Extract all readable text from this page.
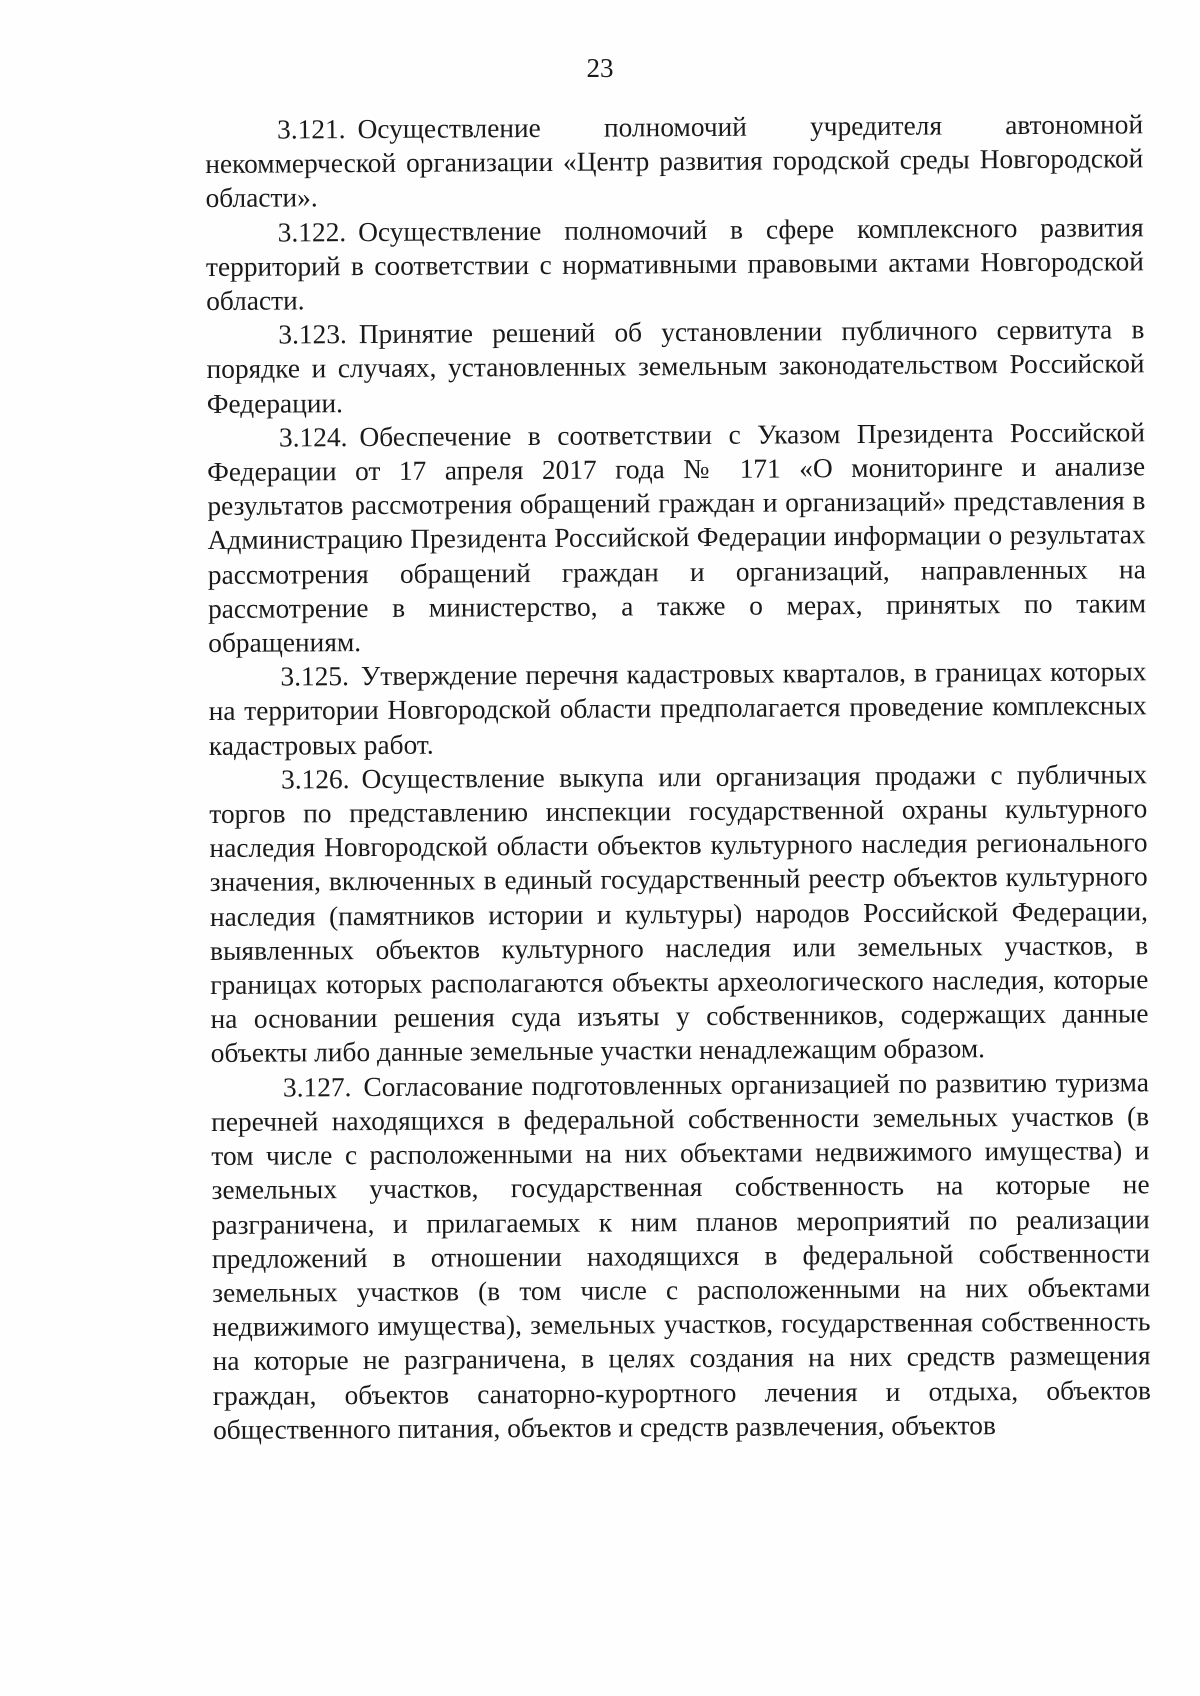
23

3.121. Осуществление полномочий учредителя автономной некоммерческой организации «Центр развития городской среды Новгородской области».

3.122. Осуществление полномочий в сфере комплексного развития территорий в соответствии с нормативными правовыми актами Новгородской области.

3.123. Принятие решений об установлении публичного сервитута в порядке и случаях, установленных земельным законодательством Российской Федерации.

3.124. Обеспечение в соответствии с Указом Президента Российской Федерации от 17 апреля 2017 года № 171 «О мониторинге и анализе результатов рассмотрения обращений граждан и организаций» представления в Администрацию Президента Российской Федерации информации о результатах рассмотрения обращений граждан и организаций, направленных на рассмотрение в министерство, а также о мерах, принятых по таким обращениям.

3.125. Утверждение перечня кадастровых кварталов, в границах которых на территории Новгородской области предполагается проведение комплексных кадастровых работ.

3.126. Осуществление выкупа или организация продажи с публичных торгов по представлению инспекции государственной охраны культурного наследия Новгородской области объектов культурного наследия регионального значения, включенных в единый государственный реестр объектов культурного наследия (памятников истории и культуры) народов Российской Федерации, выявленных объектов культурного наследия или земельных участков, в границах которых располагаются объекты археологического наследия, которые на основании решения суда изъяты у собственников, содержащих данные объекты либо данные земельные участки ненадлежащим образом.

3.127. Согласование подготовленных организацией по развитию туризма перечней находящихся в федеральной собственности земельных участков (в том числе с расположенными на них объектами недвижимого имущества) и земельных участков, государственная собственность на которые не разграничена, и прилагаемых к ним планов мероприятий по реализации предложений в отношении находящихся в федеральной собственности земельных участков (в том числе с расположенными на них объектами недвижимого имущества), земельных участков, государственная собственность на которые не разграничена, в целях создания на них средств размещения граждан, объектов санаторно-курортного лечения и отдыха, объектов общественного питания, объектов и средств развлечения, объектов
